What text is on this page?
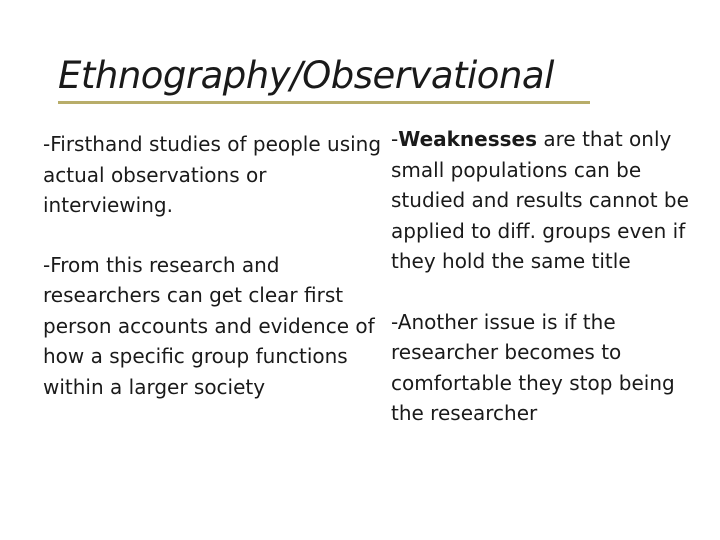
Ethnography/Observational

-Firsthand studies of people using actual observations or interviewing.

-From this research and researchers can get clear first person accounts and evidence of how a specific group functions within a larger society

-Weaknesses are that only small populations can be studied and results cannot be applied to diff. groups even if they hold the same title

-Another issue is if the researcher becomes to comfortable they stop being the researcher
